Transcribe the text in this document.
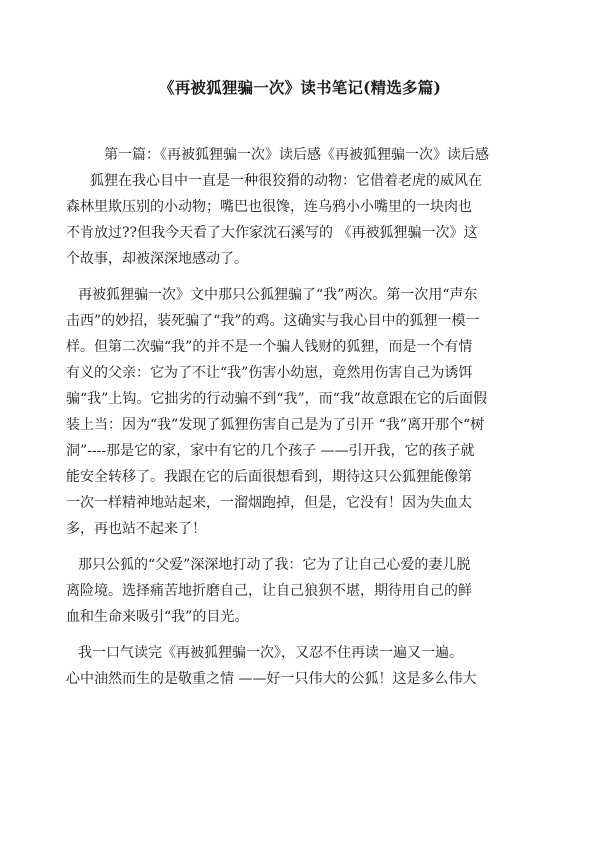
《再被狐狸骗一次》读书笔记(精选多篇)
第一篇：《再被狐狸骗一次》读后感《再被狐狸骗一次》读后感
狐狸在我心目中一直是一种很狡猾的动物：它借着老虎的威风在
森林里欺压别的小动物；嘴巴也很馋，连乌鸦小小嘴里的一块肉也
不肯放过??但我今天看了大作家沈石溪写的 《再被狐狸骗一次》这
个故事，却被深深地感动了。
再被狐狸骗一次》文中那只公狐狸骗了“我”两次。第一次用“声东
击西”的妙招，装死骗了“我”的鸡。这确实与我心目中的狐狸一模一
样。但第二次骗“我”的并不是一个骗人钱财的狐狸，而是一个有情
有义的父亲：它为了不让“我”伤害小幼崽，竟然用伤害自己为诱饵
骗“我”上钩。它拙劣的行动骗不到“我”，而“我”故意跟在它的后面假
装上当：因为“我”发现了狐狸伤害自己是为了引开 “我”离开那个“树
洞”----那是它的家，家中有它的几个孩子 ——引开我，它的孩子就
能安全转移了。我跟在它的后面很想看到，期待这只公狐狸能像第
一次一样精神地站起来，一溜烟跑掉，但是，它没有！因为失血太
多，再也站不起来了！
那只公狐的“父爱”深深地打动了我：它为了让自己心爱的妻儿脱
离险境。选择痛苦地折磨自己，让自己狼狈不堪，期待用自己的鲜
血和生命来吸引“我”的目光。
我一口气读完《再被狐狸骗一次》，又忍不住再读一遍又一遍。
心中油然而生的是敬重之情 ——好一只伟大的公狐！这是多么伟大
